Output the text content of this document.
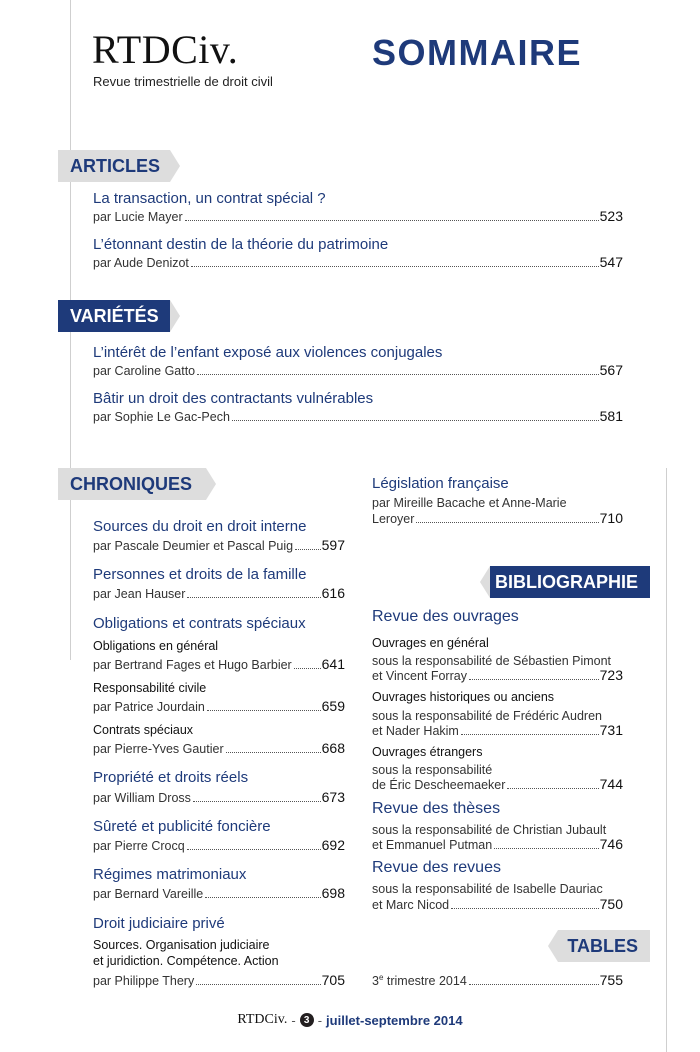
RTDCiv.
Revue trimestrielle de droit civil
SOMMAIRE
ARTICLES
La transaction, un contrat spécial ?
par Lucie Mayer	523
L’étonnant destin de la théorie du patrimoine
par Aude Denizot	547
VARIÉTÉS
L’intérêt de l’enfant exposé aux violences conjugales
par Caroline Gatto	567
Bâtir un droit des contractants vulnérables
par Sophie Le Gac-Pech	581
CHRONIQUES
Sources du droit en droit interne
par Pascale Deumier et Pascal Puig 597
Personnes et droits de la famille
par Jean Hauser	616
Obligations et contrats spéciaux
Obligations en général
par Bertrand Fages et Hugo Barbier 641
Responsabilité civile
par Patrice Jourdain	659
Contrats spéciaux
par Pierre-Yves Gautier	668
Propriété et droits réels
par William Dross	673
Sûreté et publicité foncière
par Pierre Crocq	692
Régimes matrimoniaux
par Bernard Vareille	698
Droit judiciaire privé
Sources. Organisation judiciaire
et juridiction. Compétence. Action
par Philippe Thery	705
Législation française
par Mireille Bacache et Anne-Marie
Leroyer	710
BIBLIOGRAPHIE
Revue des ouvrages
Ouvrages en général
sous la responsabilité de Sébastien Pimont
et Vincent Forray	723
Ouvrages historiques ou anciens
sous la responsabilité de Frédéric Audren
et Nader Hakim	731
Ouvrages étrangers
sous la responsabilité
de Éric Descheemaeker	744
Revue des thèses
sous la responsabilité de Christian Jubault
et Emmanuel Putman	746
Revue des revues
sous la responsabilité de Isabelle Dauriac
et Marc Nicod	750
TABLES
3e trimestre 2014	755
RTDCiv. - 3 - juillet-septembre 2014
